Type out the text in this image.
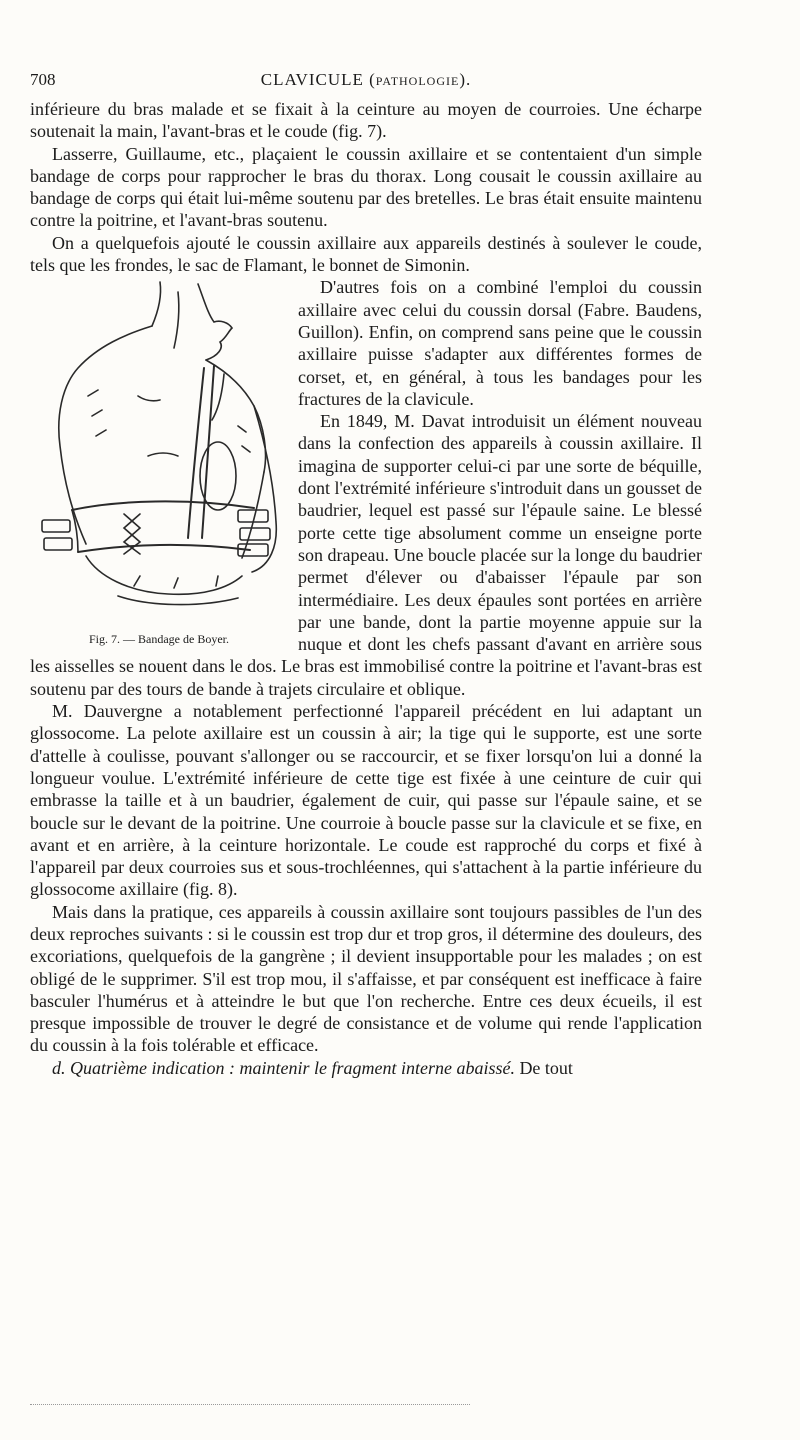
708	CLAVICULE (PATHOLOGIE).

inférieure du bras malade et se fixait à la ceinture au moyen de courroies. Une écharpe soutenait la main, l'avant-bras et le coude (fig. 7).

Lasserre, Guillaume, etc., plaçaient le coussin axillaire et se contentaient d'un simple bandage de corps pour rapprocher le bras du thorax. Long cousait le coussin axillaire au bandage de corps qui était lui-même soutenu par des bretelles. Le bras était ensuite maintenu contre la poitrine, et l'avant-bras soutenu.

On a quelquefois ajouté le coussin axillaire aux appareils destinés à soulever le coude, tels que les frondes, le sac de Flamant, le bonnet de Simonin.

Fig. 7. — Bandage de Boyer.

D'autres fois on a combiné l'emploi du coussin axillaire avec celui du coussin dorsal (Fabre. Baudens, Guillon). Enfin, on comprend sans peine que le coussin axillaire puisse s'adapter aux différentes formes de corset, et, en général, à tous les bandages pour les fractures de la clavicule.

En 1849, M. Davat introduisit un élément nouveau dans la confection des appareils à coussin axillaire. Il imagina de supporter celui-ci par une sorte de béquille, dont l'extrémité inférieure s'introduit dans un gousset de baudrier, lequel est passé sur l'épaule saine. Le blessé porte cette tige absolument comme un enseigne porte son drapeau. Une boucle placée sur la longe du baudrier permet d'élever ou d'abaisser l'épaule par son intermédiaire. Les deux épaules sont portées en arrière par une bande, dont la partie moyenne appuie sur la nuque et dont les chefs passant d'avant en arrière sous les aisselles se nouent dans le dos. Le bras est immobilisé contre la poitrine et l'avant-bras est soutenu par des tours de bande à trajets circulaire et oblique.

M. Dauvergne a notablement perfectionné l'appareil précédent en lui adaptant un glossocome. La pelote axillaire est un coussin à air; la tige qui le supporte, est une sorte d'attelle à coulisse, pouvant s'allonger ou se raccourcir, et se fixer lorsqu'on lui a donné la longueur voulue. L'extrémité inférieure de cette tige est fixée à une ceinture de cuir qui embrasse la taille et à un baudrier, également de cuir, qui passe sur l'épaule saine, et se boucle sur le devant de la poitrine. Une courroie à boucle passe sur la clavicule et se fixe, en avant et en arrière, à la ceinture horizontale. Le coude est rapproché du corps et fixé à l'appareil par deux courroies sus et sous-trochléennes, qui s'attachent à la partie inférieure du glossocome axillaire (fig. 8).

Mais dans la pratique, ces appareils à coussin axillaire sont toujours passibles de l'un des deux reproches suivants : si le coussin est trop dur et trop gros, il détermine des douleurs, des excoriations, quelquefois de la gangrène ; il devient insupportable pour les malades ; on est obligé de le supprimer. S'il est trop mou, il s'affaisse, et par conséquent est inefficace à faire basculer l'humérus et à atteindre le but que l'on recherche. Entre ces deux écueils, il est presque impossible de trouver le degré de consistance et de volume qui rende l'application du coussin à la fois tolérable et efficace.

d. Quatrième indication : maintenir le fragment interne abaissé. De tout
